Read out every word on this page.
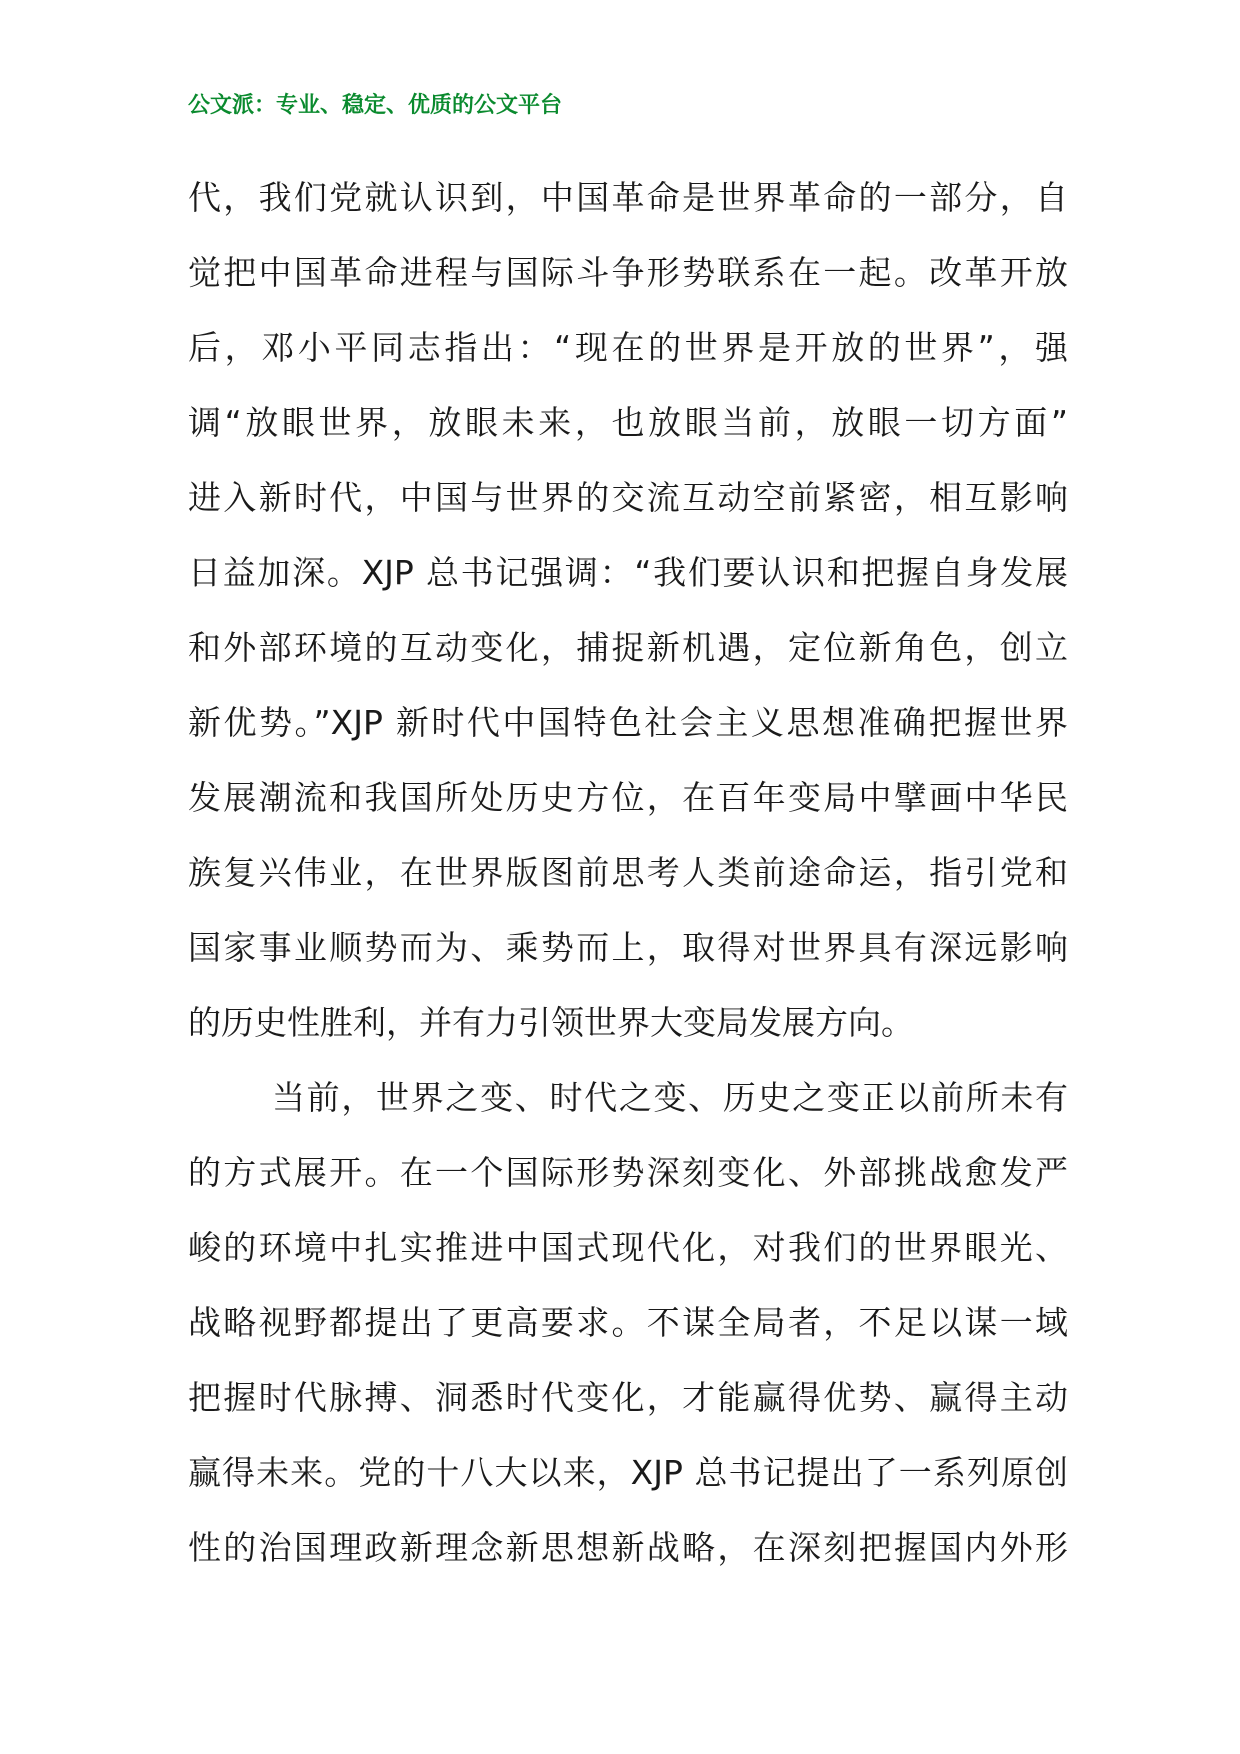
公文派：专业、稳定、优质的公文平台
代，我们党就认识到，中国革命是世界革命的一部分，自
觉把中国革命进程与国际斗争形势联系在一起。改革开放
后，邓小平同志指出：“现在的世界是开放的世界”，强
调“放眼世界，放眼未来，也放眼当前，放眼一切方面”
进入新时代，中国与世界的交流互动空前紧密，相互影响
日益加深。XJP 总书记强调：“我们要认识和把握自身发展
和外部环境的互动变化，捕捉新机遇，定位新角色，创立
新优势。”XJP 新时代中国特色社会主义思想准确把握世界
发展潮流和我国所处历史方位，在百年变局中擘画中华民
族复兴伟业，在世界版图前思考人类前途命运，指引党和
国家事业顺势而为、乘势而上，取得对世界具有深远影响
的历史性胜利，并有力引领世界大变局发展方向。
当前，世界之变、时代之变、历史之变正以前所未有
的方式展开。在一个国际形势深刻变化、外部挑战愈发严
峻的环境中扎实推进中国式现代化，对我们的世界眼光、
战略视野都提出了更高要求。不谋全局者，不足以谋一域
把握时代脉搏、洞悉时代变化，才能赢得优势、赢得主动
赢得未来。党的十八大以来，XJP 总书记提出了一系列原创
性的治国理政新理念新思想新战略，在深刻把握国内外形
